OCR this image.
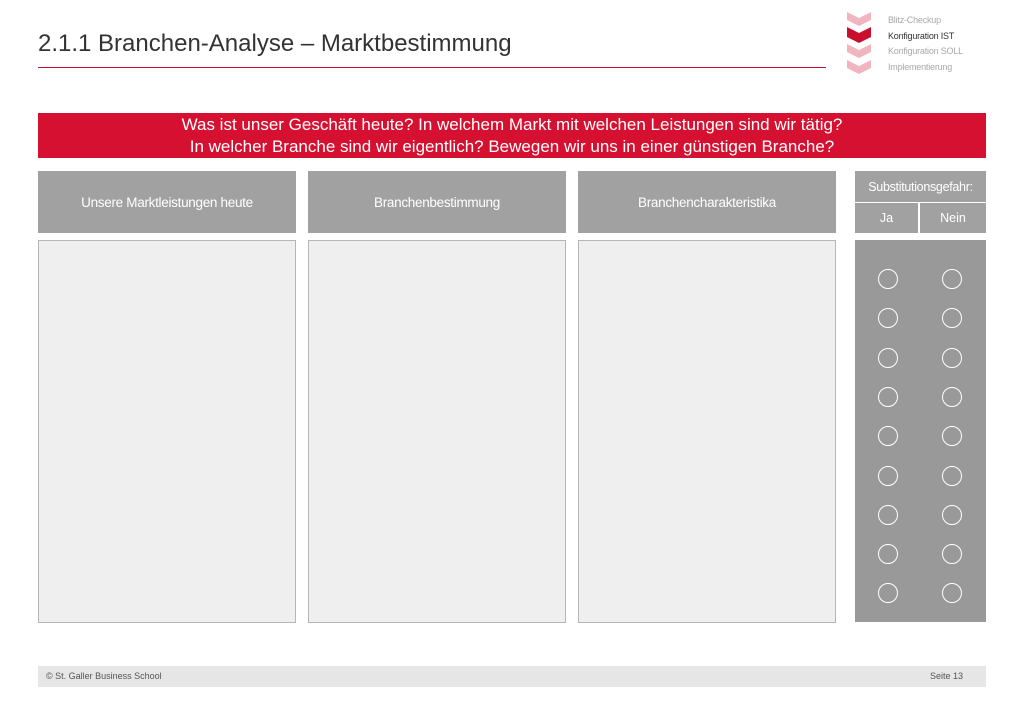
2.1.1 Branchen-Analyse – Marktbestimmung
Blitz-Checkup
Konfiguration IST
Konfiguration SOLL
Implementierung
Was ist unser Geschäft heute? In welchem Markt mit welchen Leistungen sind wir tätig?
In welcher Branche sind wir eigentlich? Bewegen wir uns in einer günstigen Branche?
Unsere Marktleistungen heute	Branchenbestimmung	Branchencharakteristika
Substitutionsgefahr:
Ja	Nein
© St. Galler Business School	Seite 13
